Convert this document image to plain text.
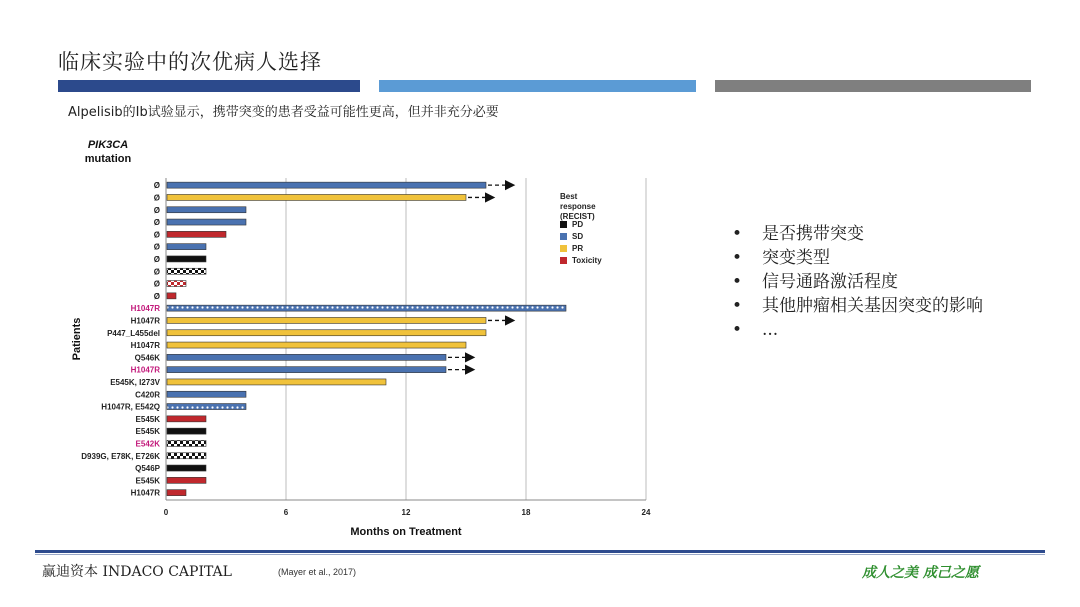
临床实验中的次优病人选择
Alpelisib的Ib试验显示，携带突变的患者受益可能性更高，但并非充分必要
PIK3CA
mutation
0	6	12	18	24
Months on Treatment
Patients
Ø
Ø
Ø
Ø
Ø
Ø
Ø
Ø
Ø
Ø
H1047R
H1047R
P447_L455del
H1047R
Q546K
H1047R
E545K, I273V
C420R
H1047R, E542Q
E545K
E545K
E542K
D939G, E78K, E726K
Q546P
E545K
H1047R
Best
response
(RECIST)
PD
SD
PR
Toxicity
• 是否携带突变
• 突变类型
• 信号通路激活程度
• 其他肿瘤相关基因突变的影响
• ...
赢迪资本 INDACO CAPITAL	(Mayer et al., 2017)	成人之美 成己之愿
